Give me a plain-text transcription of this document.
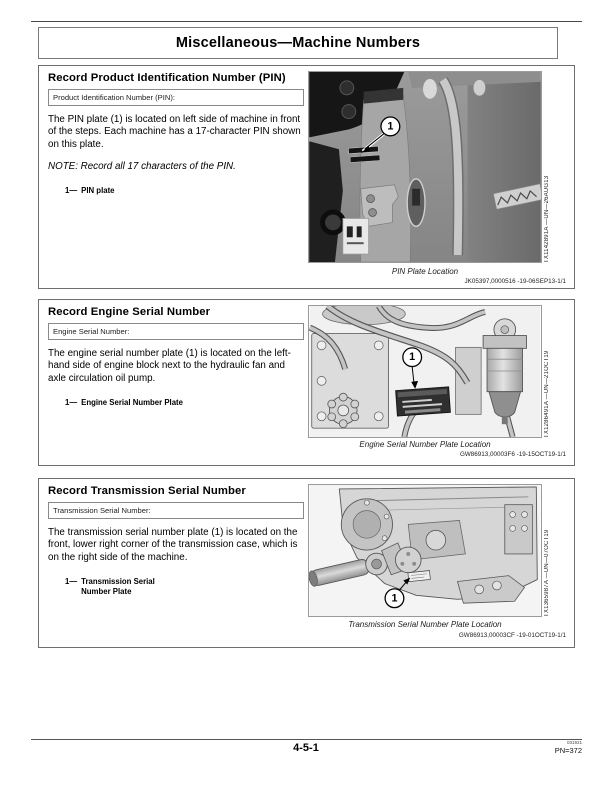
Miscellaneous—Machine Numbers
Record Product Identification Number (PIN)
Product Identification Number (PIN):
The PIN plate (1) is located on left side of machine in front of the steps. Each machine has a 17-character PIN shown on this plate.
NOTE: Record all 17 characters of the PIN.
1— PIN plate
1
TX1142891A —UN—26AUG13
PIN Plate Location
JK05397,0000516 -19-06SEP13-1/1
Record Engine Serial Number
Engine Serial Number:
The engine serial number plate (1) is located on the left-hand side of engine block next to the hydraulic fan and axle circulation oil pump.
1— Engine Serial Number Plate
1	TX1286491A —UN—21OCT19
Engine Serial Number Plate Location
GW86913,00003F6 -19-15OCT19-1/1
Record Transmission Serial Number
Transmission Serial Number:
The transmission serial number plate (1) is located on the front, lower right corner of the transmission case, which is on the right side of the machine.
1— Transmission Serial Number Plate
1	TX1365987A —UN—07OCT19
Transmission Serial Number Plate Location
GW86913,00003CF -19-01OCT19-1/1
4-5-1	031921
PN=372
